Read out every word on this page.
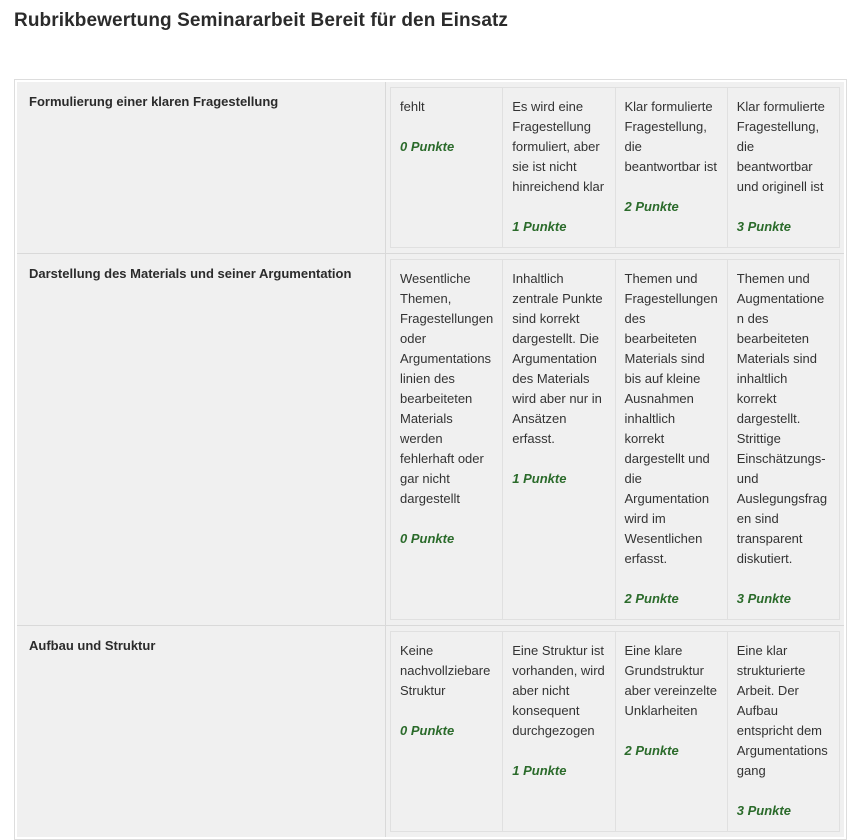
Rubrikbewertung Seminararbeit Bereit für den Einsatz
Formulierung einer klaren Fragestellung
		fehlt
0 Punkte

Es wird eine Fragestellung formuliert, aber sie ist nicht hinreichend klar
1 Punkte

Klar formulierte Fragestellung, die beantwortbar ist
2 Punkte

Klar formulierte Fragestellung, die beantwortbar und originell ist
3 Punkte

Darstellung des Materials und seiner Argumentation
		Wesentliche Themen, Fragestellungen oder Argumentationslinien des bearbeiteten Materials werden fehlerhaft oder gar nicht dargestellt
0 Punkte

Inhaltlich zentrale Punkte sind korrekt dargestellt. Die Argumentation des Materials wird aber nur in Ansätzen erfasst.
1 Punkte

Themen und Fragestellungen des bearbeiteten Materials sind bis auf kleine Ausnahmen inhaltlich korrekt dargestellt und die Argumentation wird im Wesentlichen erfasst.
2 Punkte

Themen und Augmentationen des bearbeiteten Materials sind inhaltlich korrekt dargestellt. Strittige Einschätzungs- und Auslegungsfragen sind transparent diskutiert.
3 Punkte

Aufbau und Struktur
		Keine nachvollziebare Struktur
0 Punkte

Eine Struktur ist vorhanden, wird aber nicht konsequent durchgezogen
1 Punkte

Eine klare Grundstruktur aber vereinzelte Unklarheiten
2 Punkte

Eine klar strukturierte Arbeit. Der Aufbau entspricht dem Argumentationsgang
3 Punkte
